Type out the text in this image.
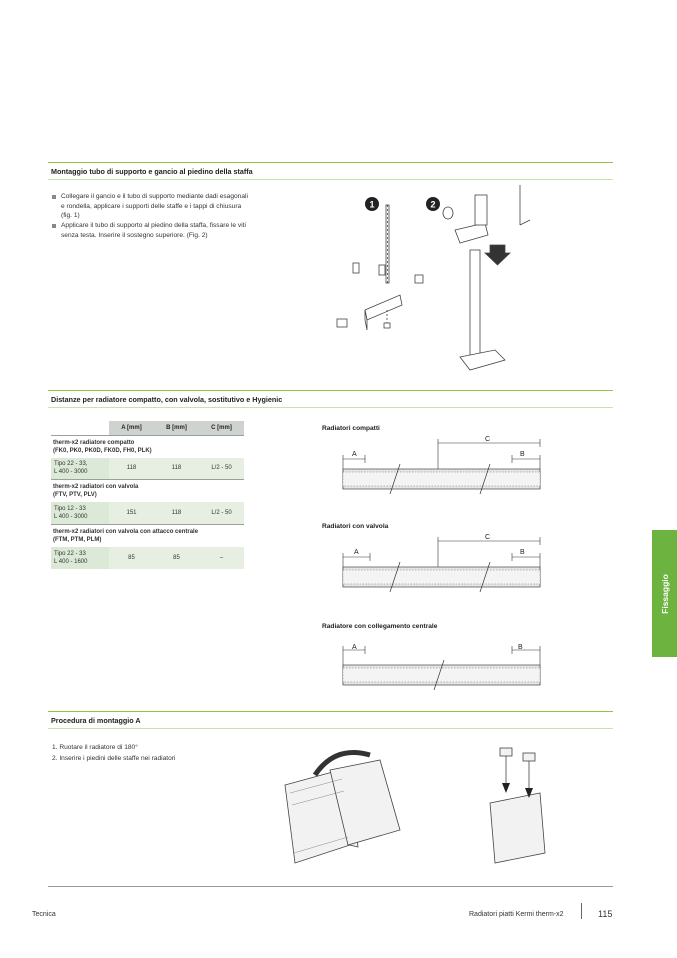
Montaggio tubo di supporto e gancio al piedino della staffa
Collegare il gancio e il tubo di supporto mediante dadi esagonali e rondella, applicare i supporti delle staffe e i tappi di chiusura (fig. 1)
Applicare il tubo di supporto al piedino della staffa, fissare le viti senza testa. Inserire il sostegno superiore. (Fig. 2)
1	2
Distanze per radiatore compatto, con valvola, sostitutivo e Hygienic
	A [mm]	B [mm]	C [mm]
therm-x2 radiatore compatto
(FK0, PK0, PK0D, FK0D, FH0, PLK)			
Tipo 22 - 33,
L 400 - 3000	118	118	L/2 - 50
therm-x2 radiatori con valvola
(FTV, PTV, PLV)			
Tipo 12 - 33
L 400 - 3000	151	118	L/2 - 50
therm-x2 radiatori con valvola con attacco centrale
(FTM, PTM, PLM)			
Tipo 22 - 33
L 400 - 1600	85	85	–
Radiatori compatti
A	B
C
Radiatori con valvola
A	B
C
Radiatore con collegamento centrale
A	B
Procedura di montaggio A
1. Ruotare il radiatore di 180°
2. Inserire i piedini delle staffe nei radiatori
Fissaggio
Tecnica	Radiatori piatti Kermi therm-x2	115
